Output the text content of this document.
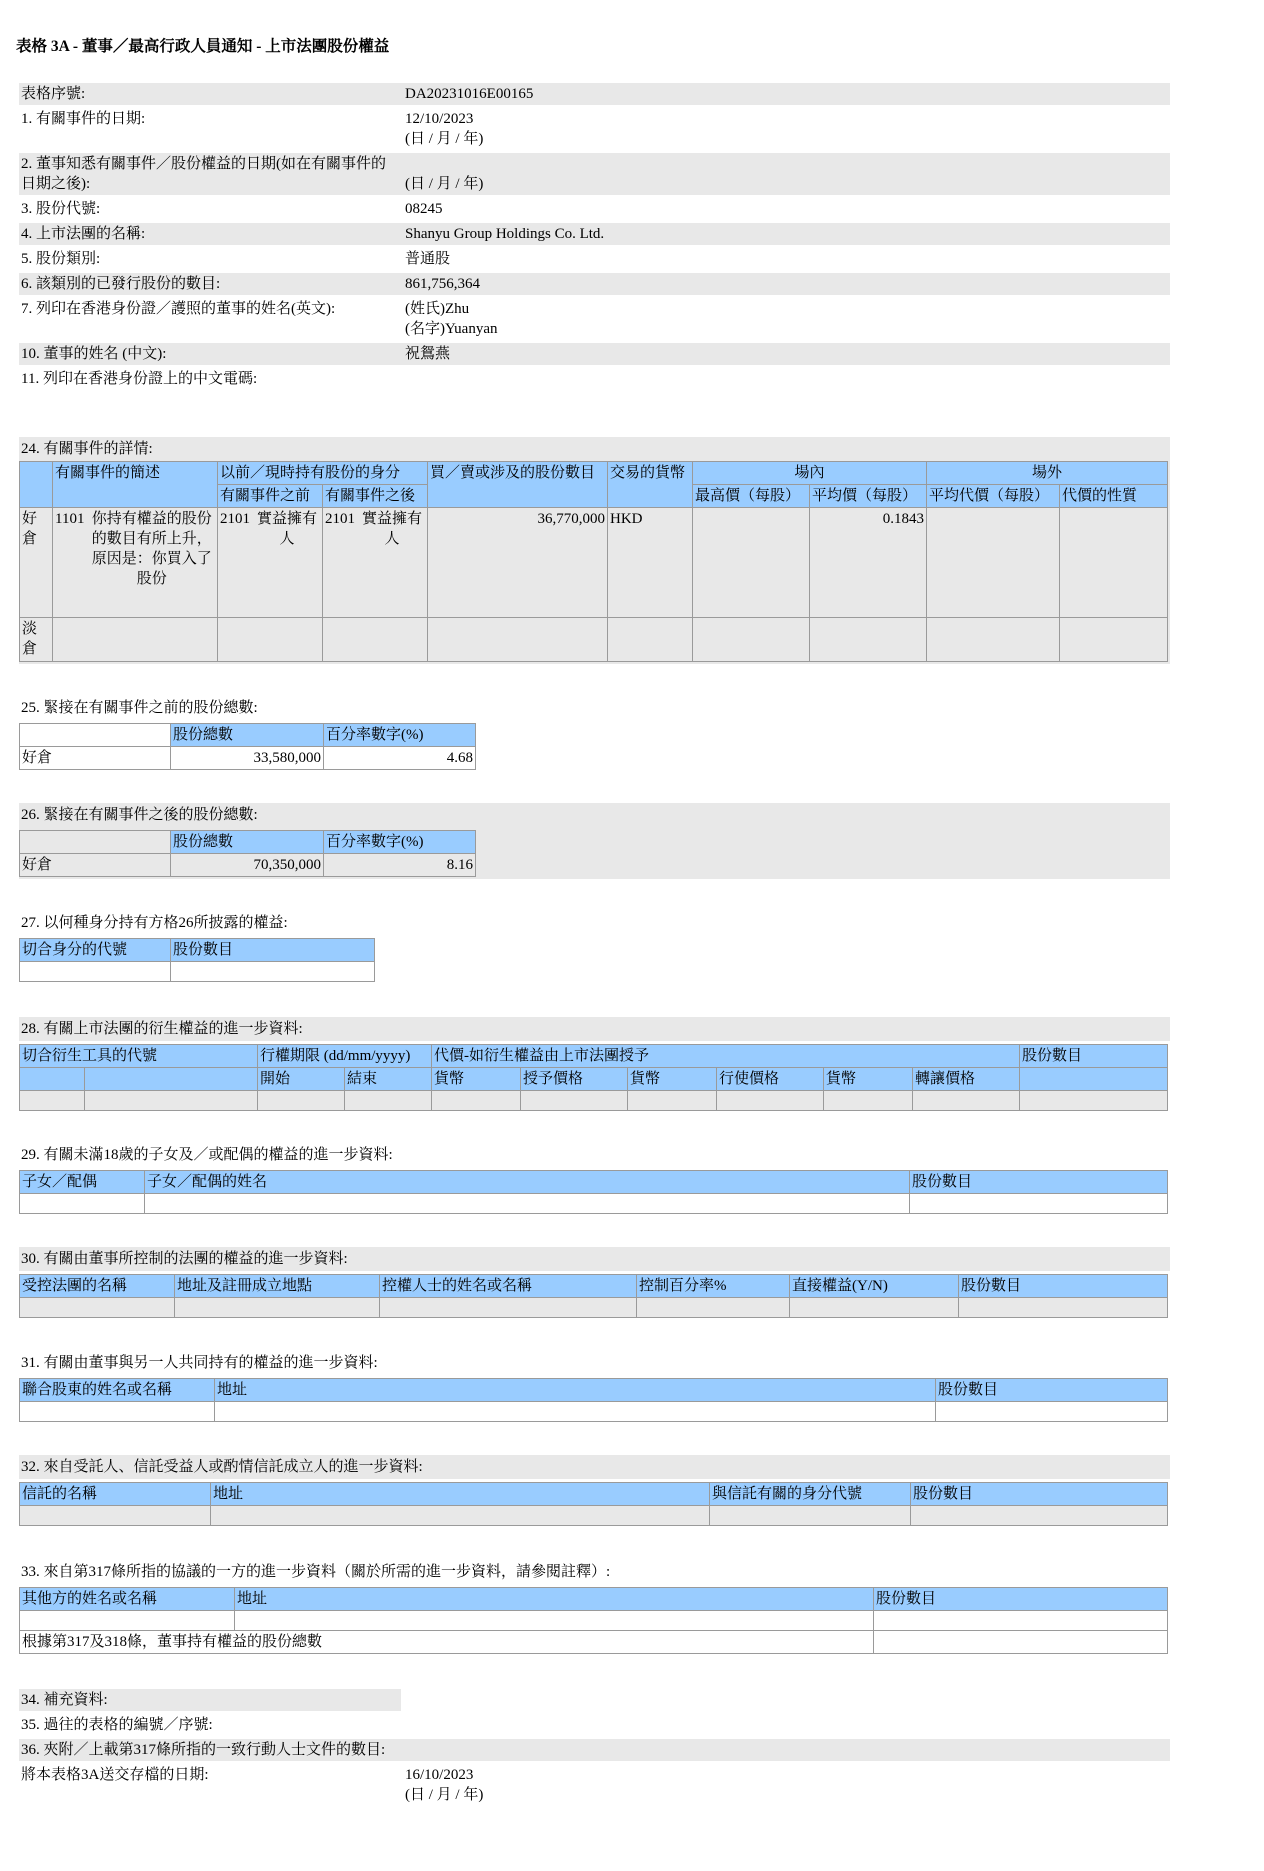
表格 3A - 董事／最高行政人員通知 - 上市法團股份權益
表格序號:	DA20231016E00165
1. 有關事件的日期:	12/10/2023
(日 / 月 / 年)
2. 董事知悉有關事件／股份權益的日期(如在有關事件的日期之後):	(日 / 月 / 年)
3. 股份代號:	08245
4. 上市法團的名稱:	Shanyu Group Holdings Co. Ltd.
5. 股份類別:	普通股
6. 該類別的已發行股份的數目:	861,756,364
7. 列印在香港身份證／護照的董事的姓名(英文):	(姓氏)Zhu
(名字)Yuanyan
10. 董事的姓名 (中文):	祝鴛燕
11. 列印在香港身份證上的中文電碼:	
24. 有關事件的詳情:
	有關事件的簡述	以前／現時持有股份的身分		買／賣或涉及的股份數目	交易的貨幣	場內		場外	
		有關事件之前	有關事件之後			最高價（每股）	平均價（每股）	平均代價（每股）	代價的性質
好倉	1101 你持有權益的股份的數目有所上升，原因是：你買入了股份	2101 實益擁有人	2101 實益擁有人	36,770,000	HKD		0.1843		
淡倉									
25. 緊接在有關事件之前的股份總數:
	股份總數	百分率數字(%)
好倉	33,580,000	4.68
26. 緊接在有關事件之後的股份總數:
	股份總數	百分率數字(%)
好倉	70,350,000	8.16
27. 以何種身分持有方格26所披露的權益:
切合身分的代號	股份數目

28. 有關上市法團的衍生權益的進一步資料:
切合衍生工具的代號		行權期限 (dd/mm/yyyy)		代價-如衍生權益由上市法團授予						股份數目
		開始	結束	貨幣	授予價格	貨幣	行使價格	貨幣	轉讓價格	

29. 有關未滿18歲的子女及／或配偶的權益的進一步資料:
子女／配偶	子女／配偶的姓名	股份數目

30. 有關由董事所控制的法團的權益的進一步資料:
受控法團的名稱	地址及註冊成立地點	控權人士的姓名或名稱	控制百分率%	直接權益(Y/N)	股份數目

31. 有關由董事與另一人共同持有的權益的進一步資料:
聯合股東的姓名或名稱	地址	股份數目

32. 來自受託人、信託受益人或酌情信託成立人的進一步資料:
信託的名稱	地址	與信託有關的身分代號	股份數目

33. 來自第317條所指的協議的一方的進一步資料（關於所需的進一步資料，請參閱註釋）:
其他方的姓名或名稱	地址	股份數目

根據第317及318條，董事持有權益的股份總數		
34. 補充資料:	
35. 過往的表格的編號／序號:	
36. 夾附／上載第317條所指的一致行動人士文件的數目:	
將本表格3A送交存檔的日期:	16/10/2023
(日 / 月 / 年)
